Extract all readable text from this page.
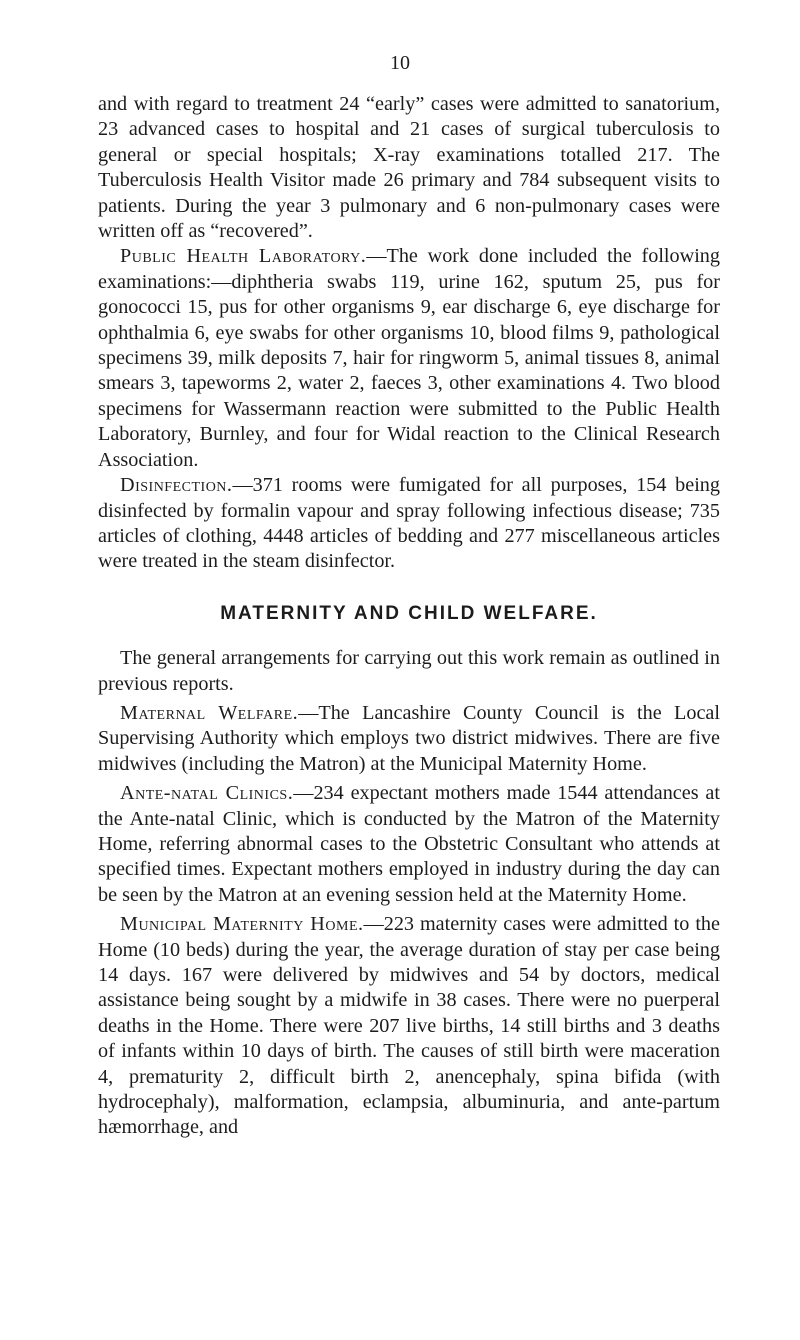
10

and with regard to treatment 24 “early” cases were admitted to sanatorium, 23 advanced cases to hospital and 21 cases of surgical tuberculosis to general or special hospitals; X-ray examinations totalled 217. The Tuberculosis Health Visitor made 26 primary and 784 subsequent visits to patients. During the year 3 pulmonary and 6 non-pulmonary cases were written off as “recovered”.

Public Health Laboratory.—The work done included the following examinations:—diphtheria swabs 119, urine 162, sputum 25, pus for gonococci 15, pus for other organisms 9, ear discharge 6, eye discharge for ophthalmia 6, eye swabs for other organisms 10, blood films 9, pathological specimens 39, milk deposits 7, hair for ringworm 5, animal tissues 8, animal smears 3, tapeworms 2, water 2, faeces 3, other examinations 4. Two blood specimens for Wassermann reaction were submitted to the Public Health Laboratory, Burnley, and four for Widal reaction to the Clinical Research Association.

Disinfection.—371 rooms were fumigated for all purposes, 154 being disinfected by formalin vapour and spray following infectious disease; 735 articles of clothing, 4448 articles of bedding and 277 miscellaneous articles were treated in the steam disinfector.

MATERNITY AND CHILD WELFARE.

The general arrangements for carrying out this work remain as outlined in previous reports.

Maternal Welfare.—The Lancashire County Council is the Local Supervising Authority which employs two district midwives. There are five midwives (including the Matron) at the Municipal Maternity Home.

Ante-natal Clinics.—234 expectant mothers made 1544 attendances at the Ante-natal Clinic, which is conducted by the Matron of the Maternity Home, referring abnormal cases to the Obstetric Consultant who attends at specified times. Expectant mothers employed in industry during the day can be seen by the Matron at an evening session held at the Maternity Home.

Municipal Maternity Home.—223 maternity cases were admitted to the Home (10 beds) during the year, the average duration of stay per case being 14 days. 167 were delivered by midwives and 54 by doctors, medical assistance being sought by a midwife in 38 cases. There were no puerperal deaths in the Home. There were 207 live births, 14 still births and 3 deaths of infants within 10 days of birth. The causes of still birth were maceration 4, prematurity 2, difficult birth 2, anencephaly, spina bifida (with hydrocephaly), malformation, eclampsia, albuminuria, and ante-partum hæmorrhage, and
